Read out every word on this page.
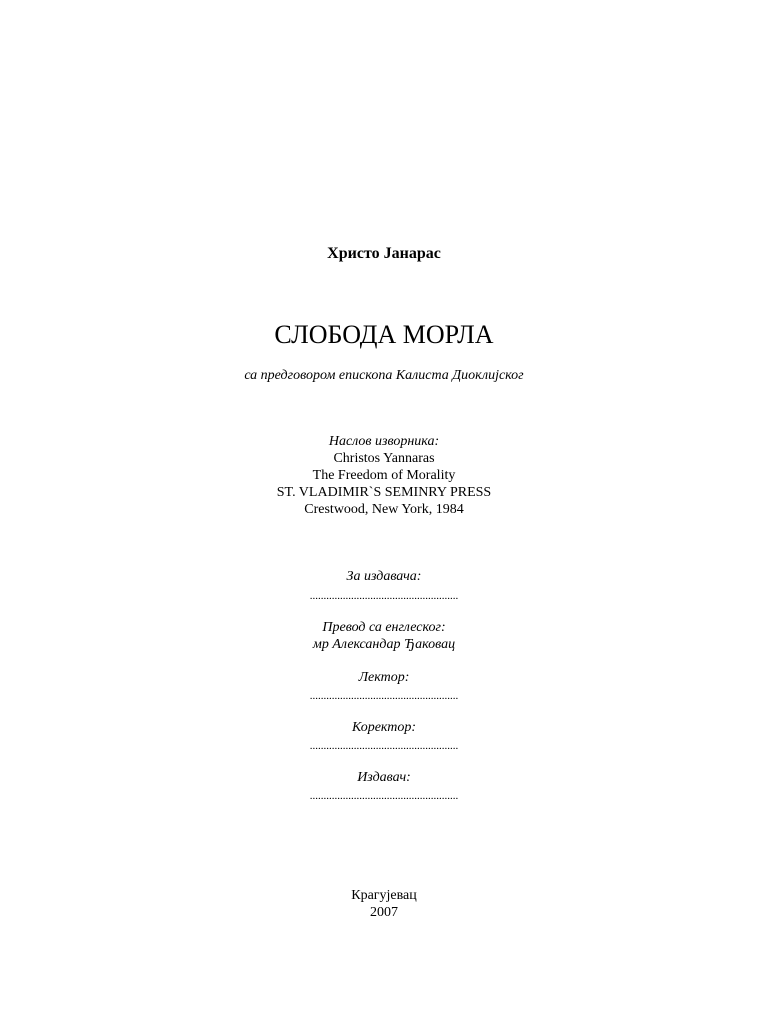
Христо Јанарас
СЛОБОДА МОРЛА
са предговором епископа Калиста Диоклијског
Наслов изворника:
Christos Yannaras
The Freedom of Morality
ST. VLADIMIR`S SEMINRY PRESS
Crestwood, New York, 1984
За издавача:
......................................................
Превод са енглеског:
мр Александар Ђаковац
Лектор:
......................................................
Коректор:
......................................................
Издавач:
......................................................
Крагујевац
2007
